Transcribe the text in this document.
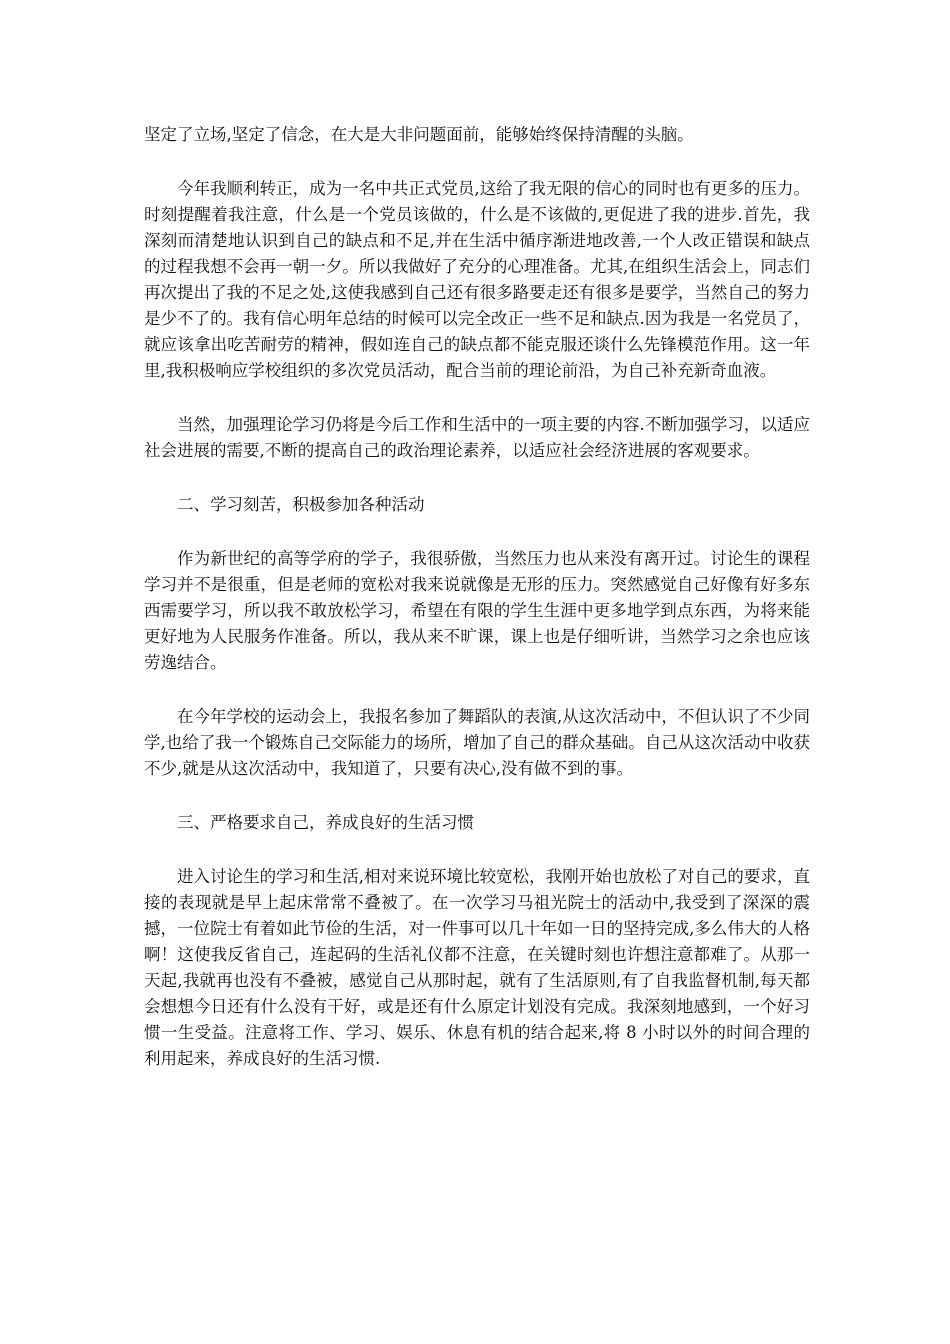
坚定了立场,坚定了信念，在大是大非问题面前，能够始终保持清醒的头脑。

今年我顺利转正，成为一名中共正式党员,这给了我无限的信心的同时也有更多的压力。时刻提醒着我注意，什么是一个党员该做的，什么是不该做的,更促进了我的进步.首先，我深刻而清楚地认识到自己的缺点和不足,并在生活中循序渐进地改善,一个人改正错误和缺点的过程我想不会再一朝一夕。所以我做好了充分的心理准备。尤其,在组织生活会上，同志们再次提出了我的不足之处,这使我感到自己还有很多路要走还有很多是要学，当然自己的努力是少不了的。我有信心明年总结的时候可以完全改正一些不足和缺点.因为我是一名党员了，就应该拿出吃苦耐劳的精神，假如连自己的缺点都不能克服还谈什么先锋模范作用。这一年里,我积极响应学校组织的多次党员活动，配合当前的理论前沿，为自己补充新奇血液。

当然，加强理论学习仍将是今后工作和生活中的一项主要的内容.不断加强学习，以适应社会进展的需要,不断的提高自己的政治理论素养，以适应社会经济进展的客观要求。

二、学习刻苦，积极参加各种活动

作为新世纪的高等学府的学子，我很骄傲，当然压力也从来没有离开过。讨论生的课程学习并不是很重，但是老师的宽松对我来说就像是无形的压力。突然感觉自己好像有好多东西需要学习，所以我不敢放松学习，希望在有限的学生生涯中更多地学到点东西，为将来能更好地为人民服务作准备。所以，我从来不旷课，课上也是仔细听讲，当然学习之余也应该劳逸结合。

在今年学校的运动会上，我报名参加了舞蹈队的表演,从这次活动中，不但认识了不少同学,也给了我一个锻炼自己交际能力的场所，增加了自己的群众基础。自己从这次活动中收获不少,就是从这次活动中，我知道了，只要有决心,没有做不到的事。

三、严格要求自己，养成良好的生活习惯

进入讨论生的学习和生活,相对来说环境比较宽松，我刚开始也放松了对自己的要求，直接的表现就是早上起床常常不叠被了。在一次学习马祖光院士的活动中,我受到了深深的震撼，一位院士有着如此节俭的生活，对一件事可以几十年如一日的坚持完成,多么伟大的人格啊！这使我反省自己，连起码的生活礼仪都不注意，在关键时刻也许想注意都难了。从那一天起,我就再也没有不叠被，感觉自己从那时起，就有了生活原则,有了自我监督机制,每天都会想想今日还有什么没有干好，或是还有什么原定计划没有完成。我深刻地感到，一个好习惯一生受益。注意将工作、学习、娱乐、休息有机的结合起来,将 8 小时以外的时间合理的利用起来，养成良好的生活习惯.
